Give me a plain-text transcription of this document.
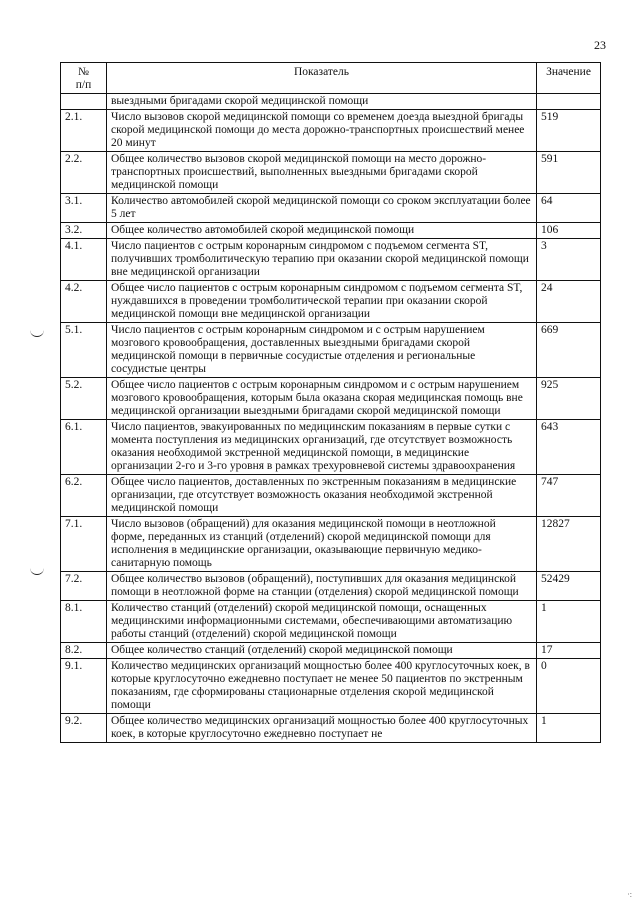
23
№
п/п	Показатель	Значение
	выездными бригадами скорой медицинской помощи	
2.1.	Число вызовов скорой медицинской помощи со временем доезда выездной бригады скорой медицинской помощи до места дорожно-транспортных происшествий менее 20 минут	519
2.2.	Общее количество вызовов скорой медицинской помощи на место дорожно-транспортных происшествий, выполненных выездными бригадами скорой медицинской помощи	591
3.1.	Количество автомобилей скорой медицинской помощи со сроком эксплуатации более 5 лет	64
3.2.	Общее количество автомобилей скорой медицинской помощи	106
4.1.	Число пациентов с острым коронарным синдромом с подъемом сегмента ST, получивших тромболитическую терапию при оказании скорой медицинской помощи вне медицинской организации	3
4.2.	Общее число пациентов с острым коронарным синдромом с подъемом сегмента ST, нуждавшихся в проведении тромболитической терапии при оказании скорой медицинской помощи вне медицинской организации	24
5.1.	Число пациентов с острым коронарным синдромом и с острым нарушением мозгового кровообращения, доставленных выездными бригадами скорой медицинской помощи в первичные сосудистые отделения и региональные сосудистые центры	669
5.2.	Общее число пациентов с острым коронарным синдромом и с острым нарушением мозгового кровообращения, которым была оказана скорая медицинская помощь вне медицинской организации выездными бригадами скорой медицинской помощи	925
6.1.	Число пациентов, эвакуированных по медицинским показаниям в первые сутки с момента поступления из медицинских организаций, где отсутствует возможность оказания необходимой экстренной медицинской помощи, в медицинские организации 2-го и 3-го уровня в рамках трехуровневой системы здравоохранения	643
6.2.	Общее число пациентов, доставленных по экстренным показаниям в медицинские организации, где отсутствует возможность оказания необходимой экстренной медицинской помощи	747
7.1.	Число вызовов (обращений) для оказания медицинской помощи в неотложной форме, переданных из станций (отделений) скорой медицинской помощи для исполнения в медицинские организации, оказывающие первичную медико-санитарную помощь	12827
7.2.	Общее количество вызовов (обращений), поступивших для оказания медицинской помощи в неотложной форме на станции (отделения) скорой медицинской помощи	52429
8.1.	Количество станций (отделений) скорой медицинской помощи, оснащенных медицинскими информационными системами, обеспечивающими автоматизацию работы станций (отделений) скорой медицинской помощи	1
8.2.	Общее количество станций (отделений) скорой медицинской помощи	17
9.1.	Количество медицинских организаций мощностью более 400 круглосуточных коек, в которые круглосуточно ежедневно поступает не менее 50 пациентов по экстренным показаниям, где сформированы стационарные отделения скорой медицинской помощи	0
9.2.	Общее количество медицинских организаций мощностью более 400 круглосуточных коек, в которые круглосуточно ежедневно поступает не	1
·:
